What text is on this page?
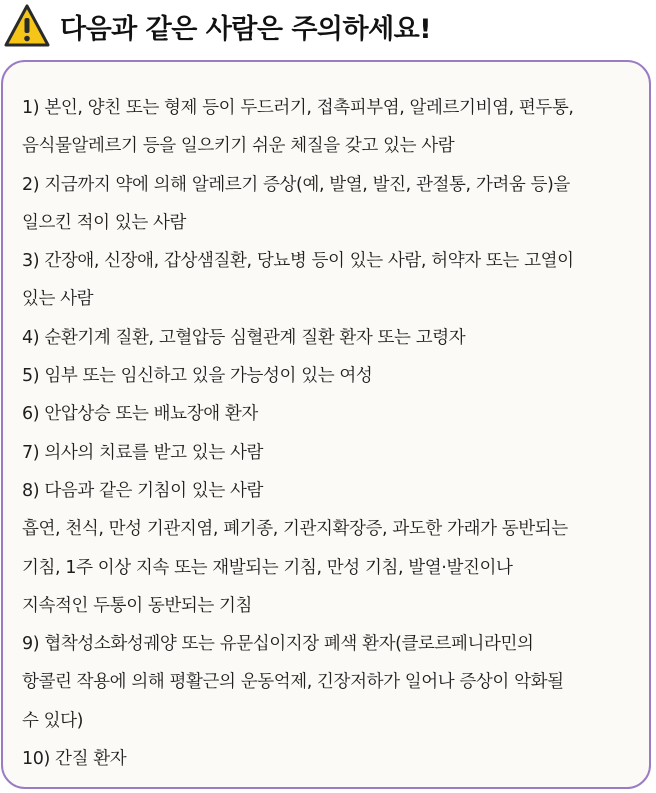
다음과 같은 사람은 주의하세요!
1) 본인, 양친 또는 형제 등이 두드러기, 접촉피부염, 알레르기비염, 편두통,
음식물알레르기 등을 일으키기 쉬운 체질을 갖고 있는 사람
2) 지금까지 약에 의해 알레르기 증상(예, 발열, 발진, 관절통, 가려움 등)을
일으킨 적이 있는 사람
3) 간장애, 신장애, 갑상샘질환, 당뇨병 등이 있는 사람, 허약자 또는 고열이
있는 사람
4) 순환기계 질환, 고혈압등 심혈관계 질환 환자 또는 고령자
5) 임부 또는 임신하고 있을 가능성이 있는 여성
6) 안압상승 또는 배뇨장애 환자
7) 의사의 치료를 받고 있는 사람
8) 다음과 같은 기침이 있는 사람
흡연, 천식, 만성 기관지염, 폐기종, 기관지확장증, 과도한 가래가 동반되는
기침, 1주 이상 지속 또는 재발되는 기침, 만성 기침, 발열·발진이나
지속적인 두통이 동반되는 기침
9) 협착성소화성궤양 또는 유문십이지장 폐색 환자(클로르페니라민의
항콜린 작용에 의해 평활근의 운동억제, 긴장저하가 일어나 증상이 악화될
수 있다)
10) 간질 환자
